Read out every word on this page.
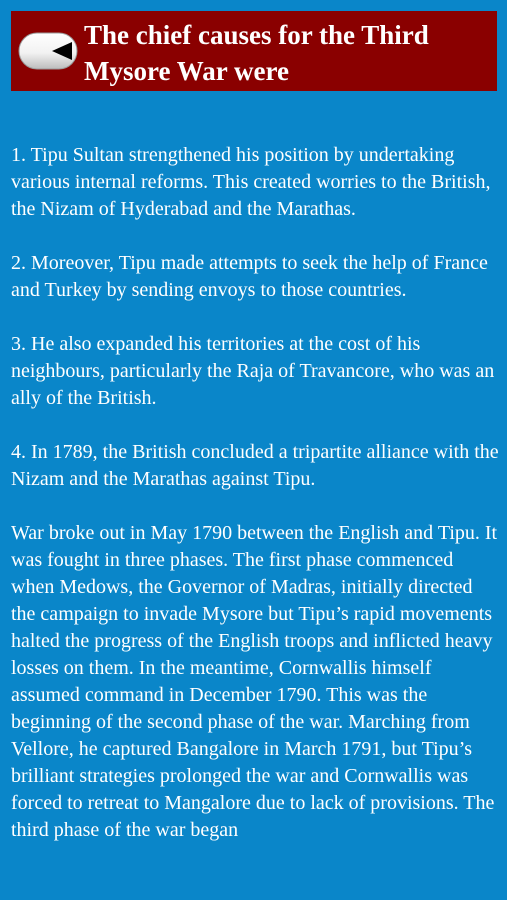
The chief causes for the Third Mysore War were

1. Tipu Sultan strengthened his position by undertaking various internal reforms. This created worries to the British, the Nizam of Hyderabad and the Marathas.

2. Moreover, Tipu made attempts to seek the help of France and Turkey by sending envoys to those countries.

3. He also expanded his territories at the cost of his neighbours, particularly the Raja of Travancore, who was an ally of the British.

4. In 1789, the British concluded a tripartite alliance with the Nizam and the Marathas against Tipu.

War broke out in May 1790 between the English and Tipu. It was fought in three phases. The first phase commenced when Medows, the Governor of Madras, initially directed the campaign to invade Mysore but Tipu’s rapid movements halted the progress of the English troops and inflicted heavy losses on them. In the meantime, Cornwallis himself assumed command in December 1790. This was the beginning of the second phase of the war. Marching from Vellore, he captured Bangalore in March 1791, but Tipu’s brilliant strategies prolonged the war and Cornwallis was forced to retreat to Mangalore due to lack of provisions. The third phase of the war began
